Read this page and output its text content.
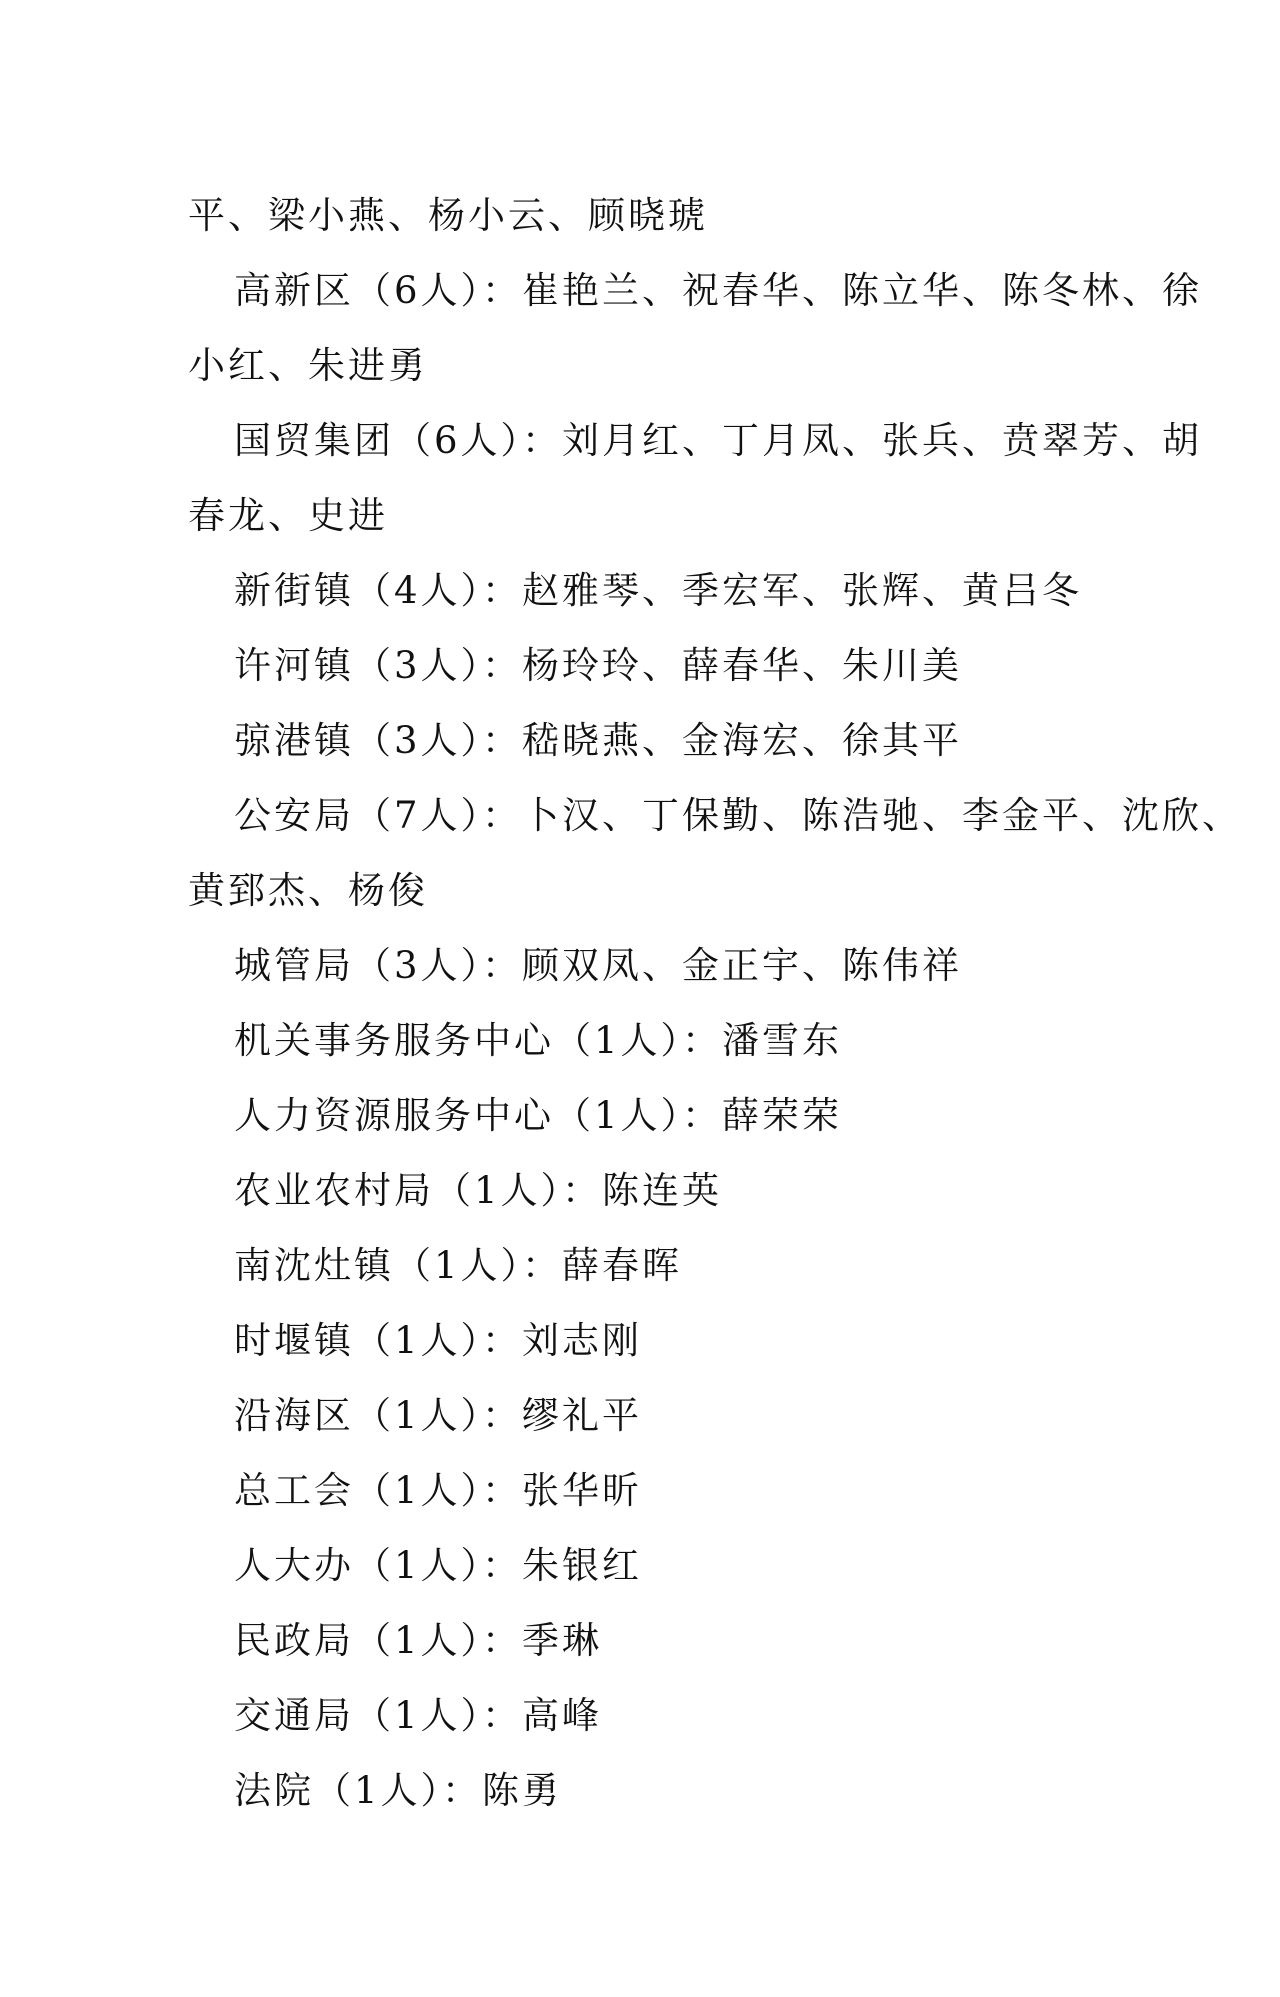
平、梁小燕、杨小云、顾晓琥
高新区（6人）：崔艳兰、祝春华、陈立华、陈冬林、徐
小红、朱进勇
国贸集团（6人）：刘月红、丁月凤、张兵、贲翠芳、胡
春龙、史进
新街镇（4人）：赵雅琴、季宏军、张辉、黄吕冬
许河镇（3人）：杨玲玲、薛春华、朱川美
弶港镇（3人）：嵇晓燕、金海宏、徐其平
公安局（7人）：卜汉、丁保勤、陈浩驰、李金平、沈欣、
黄郅杰、杨俊
城管局（3人）：顾双凤、金正宇、陈伟祥
机关事务服务中心（1人）：潘雪东
人力资源服务中心（1人）：薛荣荣
农业农村局（1人）：陈连英
南沈灶镇（1人）：薛春晖
时堰镇（1人）：刘志刚
沿海区（1人）：缪礼平
总工会（1人）：张华昕
人大办（1人）：朱银红
民政局（1人）：季琳
交通局（1人）：高峰
法院（1人）：陈勇
